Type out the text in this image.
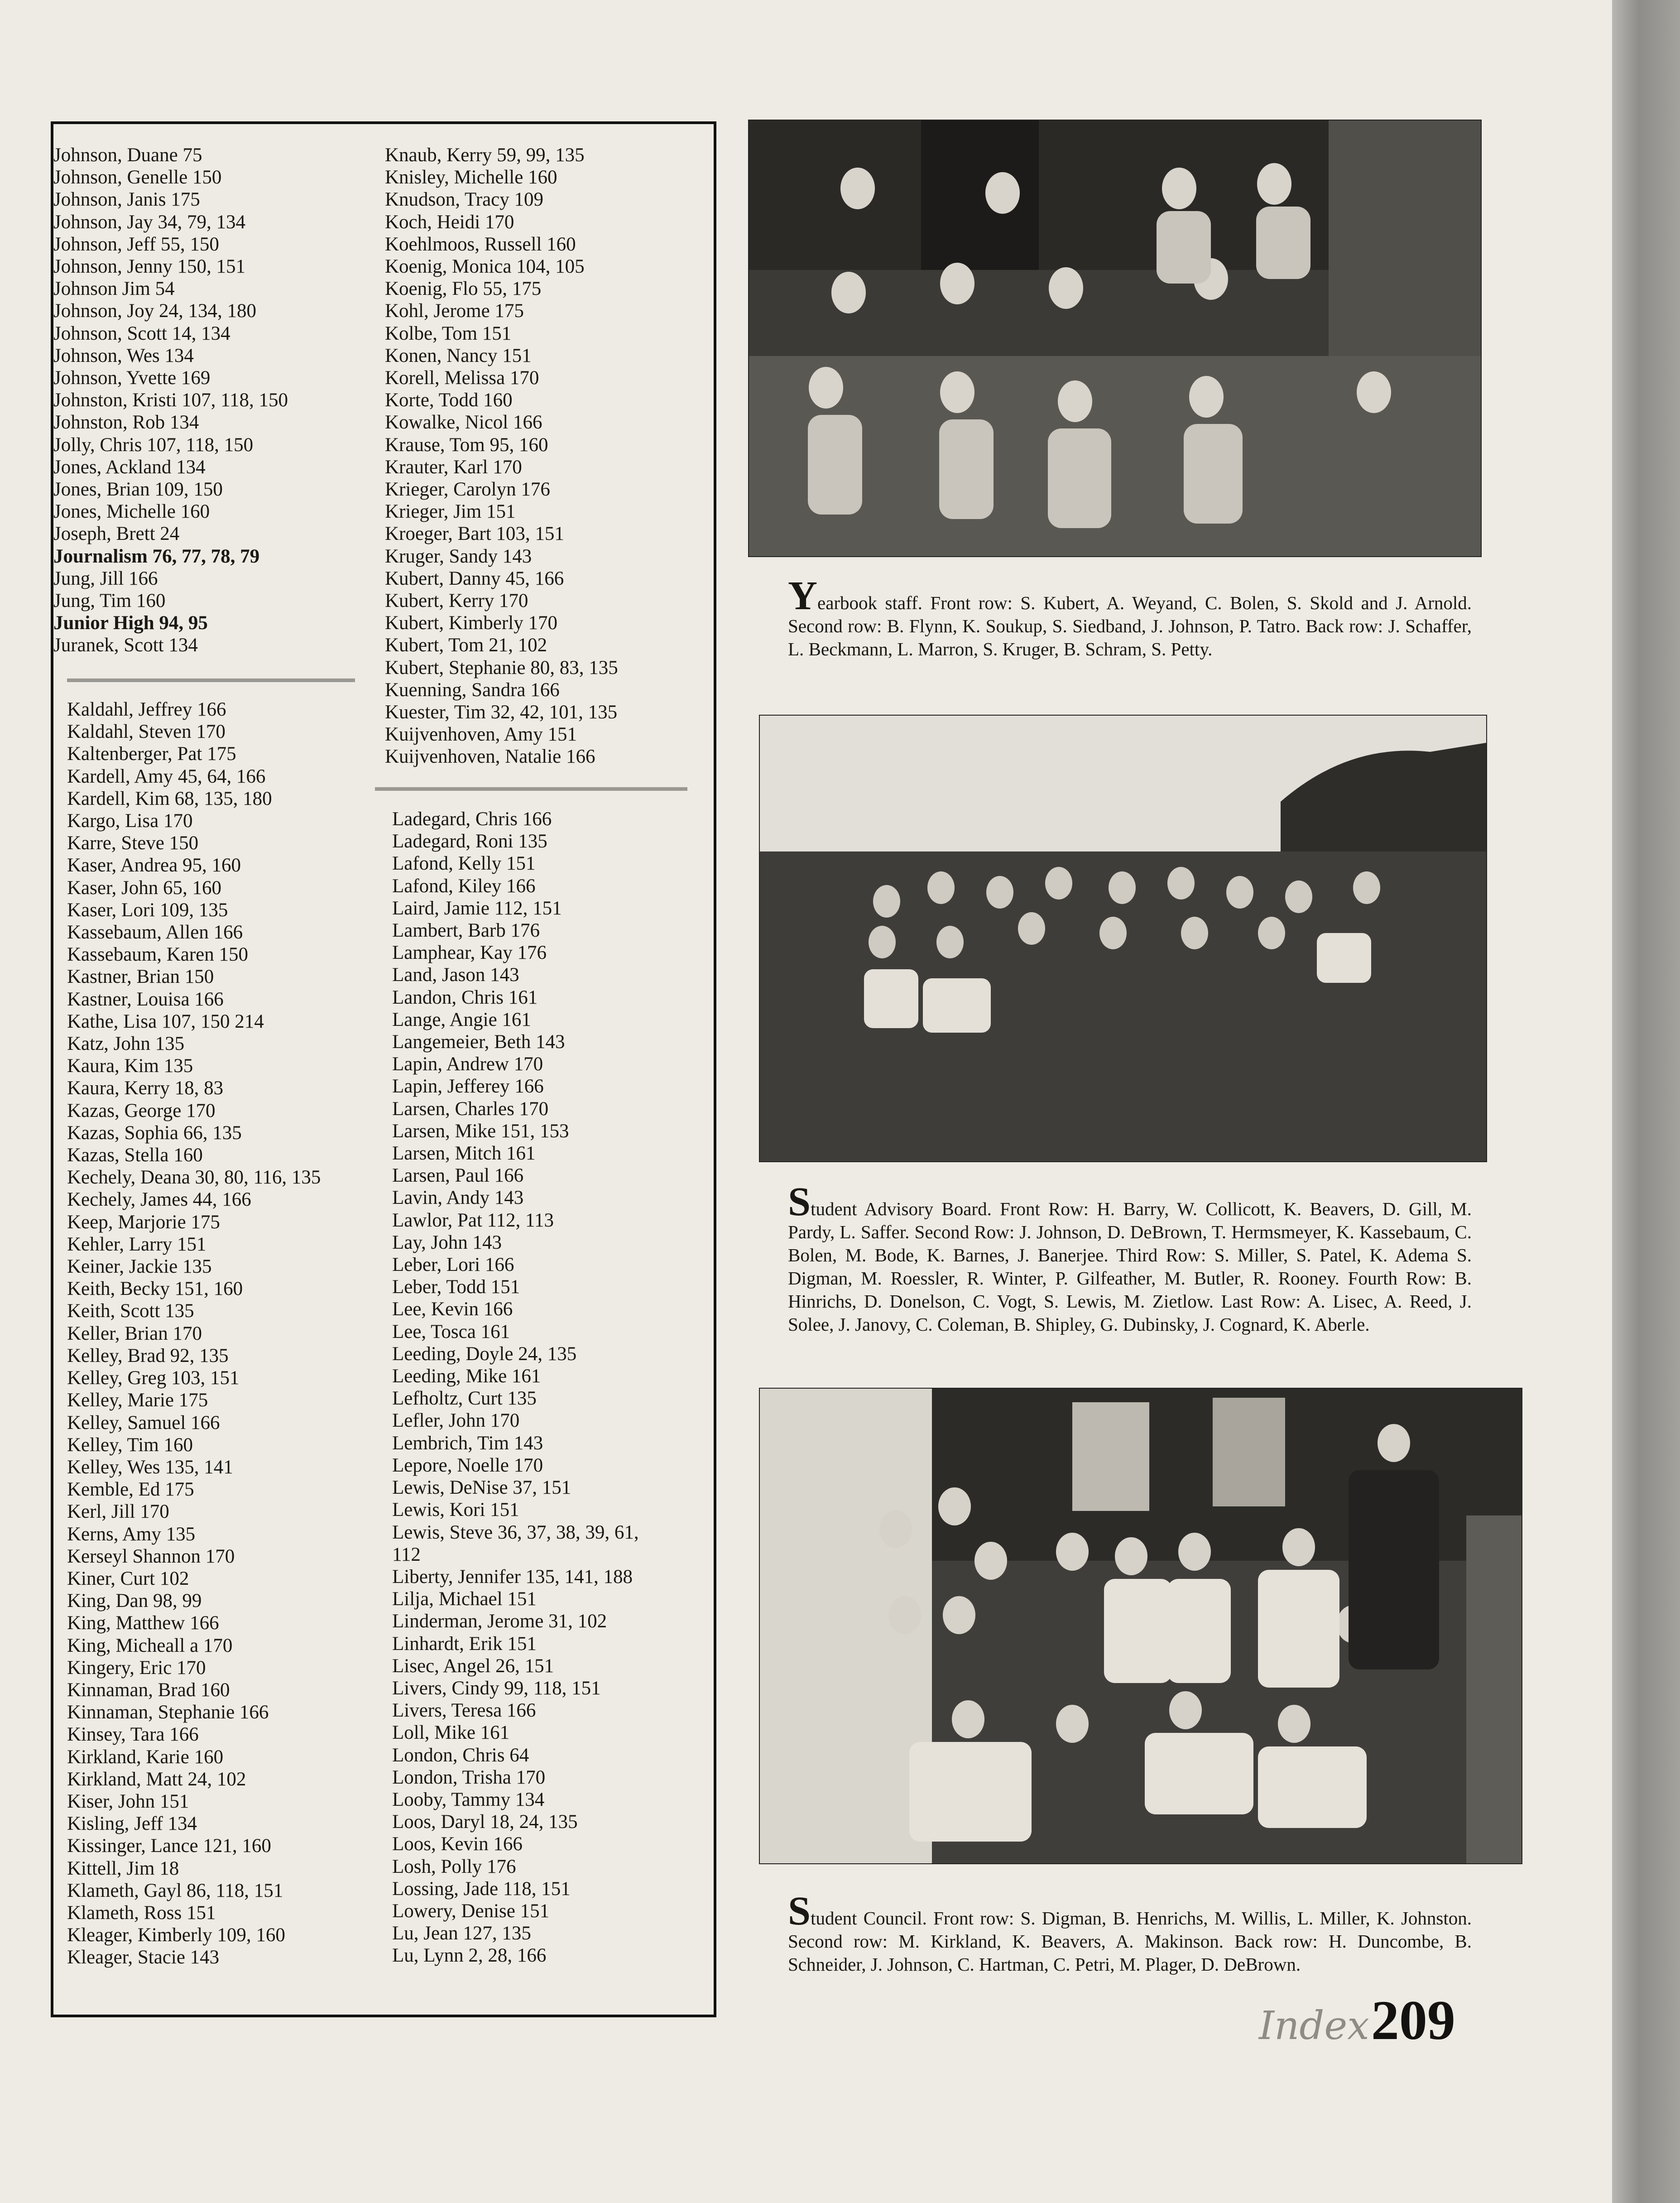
Johnson, Duane 75
Johnson, Genelle 150
Johnson, Janis 175
Johnson, Jay 34, 79, 134
Johnson, Jeff 55, 150
Johnson, Jenny 150, 151
Johnson Jim 54
Johnson, Joy 24, 134, 180
Johnson, Scott 14, 134
Johnson, Wes 134
Johnson, Yvette 169
Johnston, Kristi 107, 118, 150
Johnston, Rob 134
Jolly, Chris 107, 118, 150
Jones, Ackland 134
Jones, Brian 109, 150
Jones, Michelle 160
Joseph, Brett 24
Journalism 76, 77, 78, 79
Jung, Jill 166
Jung, Tim 160
Junior High 94, 95
Juranek, Scott 134
Kaldahl, Jeffrey 166
Kaldahl, Steven 170
Kaltenberger, Pat 175
Kardell, Amy 45, 64, 166
Kardell, Kim 68, 135, 180
Kargo, Lisa 170
Karre, Steve 150
Kaser, Andrea 95, 160
Kaser, John 65, 160
Kaser, Lori 109, 135
Kassebaum, Allen 166
Kassebaum, Karen 150
Kastner, Brian 150
Kastner, Louisa 166
Kathe, Lisa 107, 150 214
Katz, John 135
Kaura, Kim 135
Kaura, Kerry 18, 83
Kazas, George 170
Kazas, Sophia 66, 135
Kazas, Stella 160
Kechely, Deana 30, 80, 116, 135
Kechely, James 44, 166
Keep, Marjorie 175
Kehler, Larry 151
Keiner, Jackie 135
Keith, Becky 151, 160
Keith, Scott 135
Keller, Brian 170
Kelley, Brad 92, 135
Kelley, Greg 103, 151
Kelley, Marie 175
Kelley, Samuel 166
Kelley, Tim 160
Kelley, Wes 135, 141
Kemble, Ed 175
Kerl, Jill 170
Kerns, Amy 135
Kerseyl Shannon 170
Kiner, Curt 102
King, Dan 98, 99
King, Matthew 166
King, Micheall a 170
Kingery, Eric 170
Kinnaman, Brad 160
Kinnaman, Stephanie 166
Kinsey, Tara 166
Kirkland, Karie 160
Kirkland, Matt 24, 102
Kiser, John 151
Kisling, Jeff 134
Kissinger, Lance 121, 160
Kittell, Jim 18
Klameth, Gayl 86, 118, 151
Klameth, Ross 151
Kleager, Kimberly 109, 160
Kleager, Stacie 143
Knaub, Kerry 59, 99, 135
Knisley, Michelle 160
Knudson, Tracy 109
Koch, Heidi 170
Koehlmoos, Russell 160
Koenig, Monica 104, 105
Koenig, Flo 55, 175
Kohl, Jerome 175
Kolbe, Tom 151
Konen, Nancy 151
Korell, Melissa 170
Korte, Todd 160
Kowalke, Nicol 166
Krause, Tom 95, 160
Krauter, Karl 170
Krieger, Carolyn 176
Krieger, Jim 151
Kroeger, Bart 103, 151
Kruger, Sandy 143
Kubert, Danny 45, 166
Kubert, Kerry 170
Kubert, Kimberly 170
Kubert, Tom 21, 102
Kubert, Stephanie 80, 83, 135
Kuenning, Sandra 166
Kuester, Tim 32, 42, 101, 135
Kuijvenhoven, Amy 151
Kuijvenhoven, Natalie 166
Ladegard, Chris 166
Ladegard, Roni 135
Lafond, Kelly 151
Lafond, Kiley 166
Laird, Jamie 112, 151
Lambert, Barb 176
Lamphear, Kay 176
Land, Jason 143
Landon, Chris 161
Lange, Angie 161
Langemeier, Beth 143
Lapin, Andrew 170
Lapin, Jefferey 166
Larsen, Charles 170
Larsen, Mike 151, 153
Larsen, Mitch 161
Larsen, Paul 166
Lavin, Andy 143
Lawlor, Pat 112, 113
Lay, John 143
Leber, Lori 166
Leber, Todd 151
Lee, Kevin 166
Lee, Tosca 161
Leeding, Doyle 24, 135
Leeding, Mike 161
Lefholtz, Curt 135
Lefler, John 170
Lembrich, Tim 143
Lepore, Noelle 170
Lewis, DeNise 37, 151
Lewis, Kori 151
Lewis, Steve 36, 37, 38, 39, 61,
112
Liberty, Jennifer 135, 141, 188
Lilja, Michael 151
Linderman, Jerome 31, 102
Linhardt, Erik 151
Lisec, Angel 26, 151
Livers, Cindy 99, 118, 151
Livers, Teresa 166
Loll, Mike 161
London, Chris 64
London, Trisha 170
Looby, Tammy 134
Loos, Daryl 18, 24, 135
Loos, Kevin 166
Losh, Polly 176
Lossing, Jade 118, 151
Lowery, Denise 151
Lu, Jean 127, 135
Lu, Lynn 2, 28, 166
Yearbook staff. Front row: S. Kubert, A. Weyand, C. Bolen, S. Skold and J. Arnold. Second row: B. Flynn, K. Soukup, S. Siedband, J. Johnson, P. Tatro. Back row: J. Schaffer, L. Beckmann, L. Marron, S. Kruger, B. Schram, S. Petty.
Student Advisory Board. Front Row: H. Barry, W. Collicott, K. Beavers, D. Gill, M. Pardy, L. Saffer. Second Row: J. Johnson, D. DeBrown, T. Hermsmeyer, K. Kassebaum, C. Bolen, M. Bode, K. Barnes, J. Banerjee. Third Row: S. Miller, S. Patel, K. Adema S. Digman, M. Roessler, R. Winter, P. Gilfeather, M. Butler, R. Rooney. Fourth Row: B. Hinrichs, D. Donelson, C. Vogt, S. Lewis, M. Zietlow. Last Row: A. Lisec, A. Reed, J. Solee, J. Janovy, C. Coleman, B. Shipley, G. Dubinsky, J. Cognard, K. Aberle.
Student Council. Front row: S. Digman, B. Henrichs, M. Willis, L. Miller, K. Johnston. Second row: M. Kirkland, K. Beavers, A. Makinson. Back row: H. Duncombe, B. Schneider, J. Johnson, C. Hartman, C. Petri, M. Plager, D. DeBrown.
Index 209
